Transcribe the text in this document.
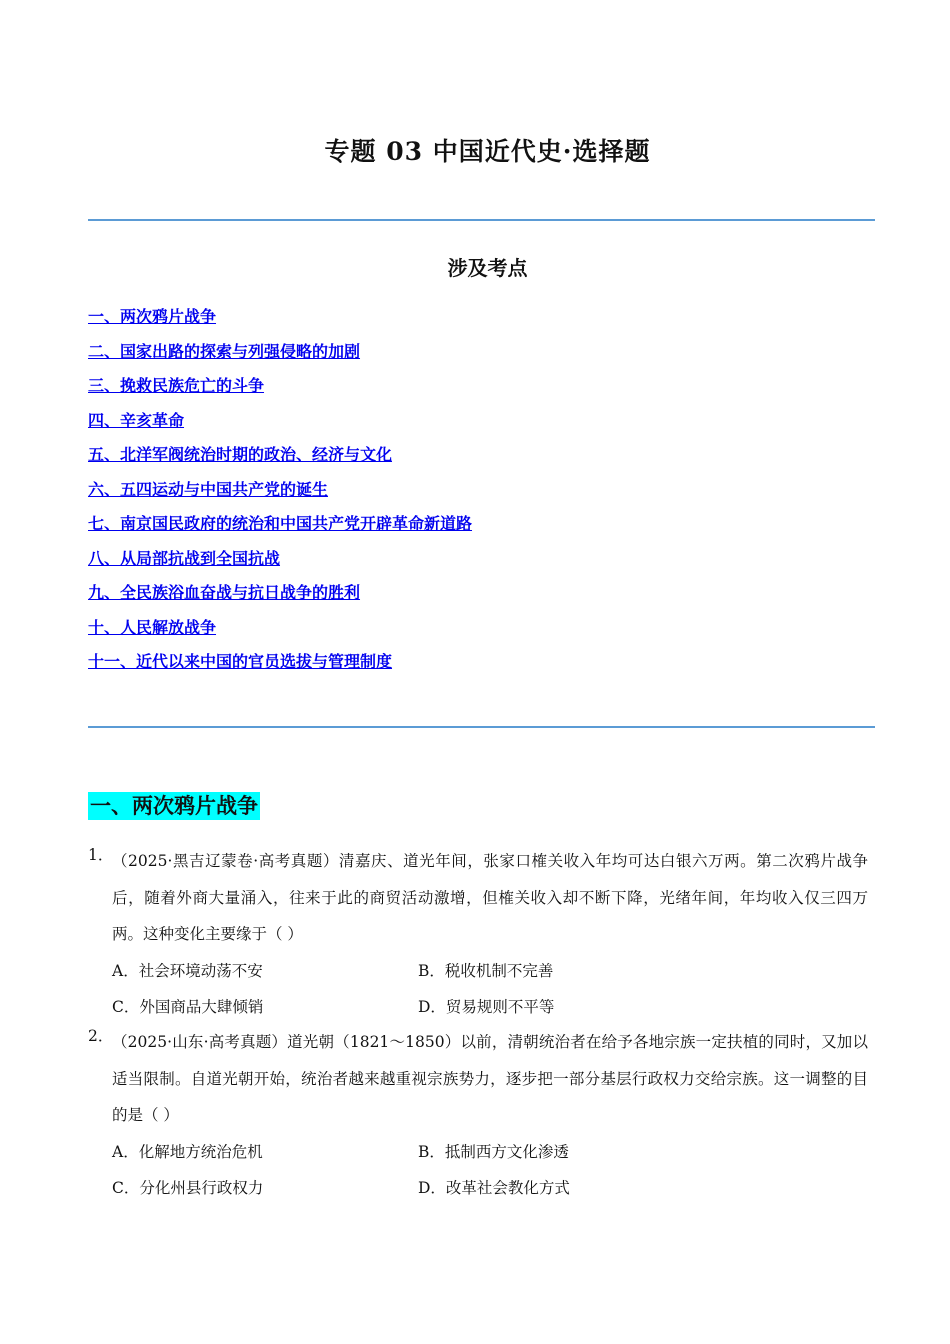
专题 03 中国近代史·选择题
涉及考点
一、两次鸦片战争
二、国家出路的探索与列强侵略的加剧
三、挽救民族危亡的斗争
四、辛亥革命
五、北洋军阀统治时期的政治、经济与文化
六、五四运动与中国共产党的诞生
七、南京国民政府的统治和中国共产党开辟革命新道路
八、从局部抗战到全国抗战
九、全民族浴血奋战与抗日战争的胜利
十、人民解放战争
十一、近代以来中国的官员选拔与管理制度
一、两次鸦片战争
1．
（2025·黑吉辽蒙卷·高考真题）清嘉庆、道光年间，张家口榷关收入年均可达白银六万两。第二次鸦片战争后，随着外商大量涌入，往来于此的商贸活动激增，但榷关收入却不断下降，光绪年间，年均收入仅三四万两。这种变化主要缘于（ ）
A．社会环境动荡不安	B．税收机制不完善
C．外国商品大肆倾销	D．贸易规则不平等
2．
（2025·山东·高考真题）道光朝（1821～1850）以前，清朝统治者在给予各地宗族一定扶植的同时，又加以适当限制。自道光朝开始，统治者越来越重视宗族势力，逐步把一部分基层行政权力交给宗族。这一调整的目的是（ ）
A．化解地方统治危机	B．抵制西方文化渗透
C．分化州县行政权力	D．改革社会教化方式
